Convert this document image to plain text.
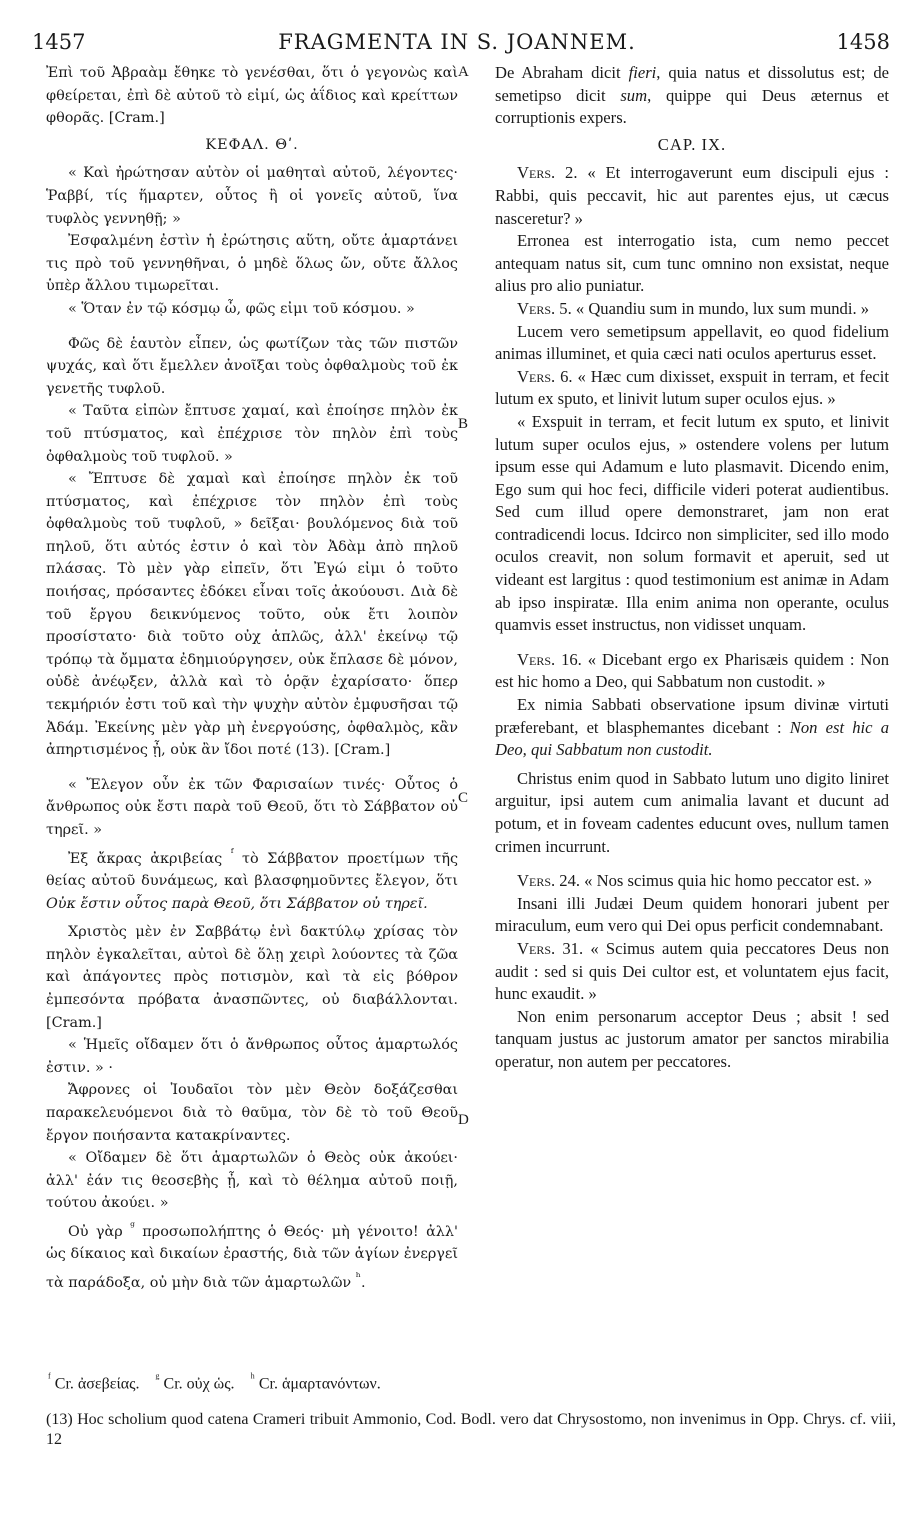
1457	FRAGMENTA IN S. JOANNEM.	1458

Ἐπὶ τοῦ Ἀβραὰμ ἔθηκε τὸ γενέσθαι, ὅτι ὁ γεγονὼς καὶ φθείρεται, ἐπὶ δὲ αὐτοῦ τὸ εἰμί, ὡς ἀΐδιος καὶ κρείττων φθορᾶς. [Cram.]

ΚΕΦΑΛ. Θʹ.

« Καὶ ἠρώτησαν αὐτὸν οἱ μαθηταὶ αὐτοῦ, λέγοντες· Ῥαββί, τίς ἥμαρτεν, οὗτος ἢ οἱ γονεῖς αὐτοῦ, ἵνα τυφλὸς γεννηθῇ; »

Ἐσφαλμένη ἐστὶν ἡ ἐρώτησις αὕτη, οὔτε ἁμαρτάνει τις πρὸ τοῦ γεννηθῆναι, ὁ μηδὲ ὅλως ὤν, οὔτε ἄλλος ὑπὲρ ἄλλου τιμωρεῖται.

« Ὅταν ἐν τῷ κόσμῳ ὦ, φῶς εἰμι τοῦ κόσμου. »

Φῶς δὲ ἑαυτὸν εἶπεν, ὡς φωτίζων τὰς τῶν πιστῶν ψυχάς, καὶ ὅτι ἔμελλεν ἀνοῖξαι τοὺς ὀφθαλμοὺς τοῦ ἐκ γενετῆς τυφλοῦ.

« Ταῦτα εἰπὼν ἔπτυσε χαμαί, καὶ ἐποίησε πηλὸν ἐκ τοῦ πτύσματος, καὶ ἐπέχρισε τὸν πηλὸν ἐπὶ τοὺς ὀφθαλμοὺς τοῦ τυφλοῦ. »

« Ἔπτυσε δὲ χαμαὶ καὶ ἐποίησε πηλὸν ἐκ τοῦ πτύσματος, καὶ ἐπέχρισε τὸν πηλὸν ἐπὶ τοὺς ὀφθαλμοὺς τοῦ τυφλοῦ, » δεῖξαι· βουλόμενος διὰ τοῦ πηλοῦ, ὅτι αὐτός ἐστιν ὁ καὶ τὸν Ἀδὰμ ἀπὸ πηλοῦ πλάσας. Τὸ μὲν γὰρ εἰπεῖν, ὅτι Ἐγώ εἰμι ὁ τοῦτο ποιήσας, πρόσαντες ἐδόκει εἶναι τοῖς ἀκούουσι. Διὰ δὲ τοῦ ἔργου δεικνύμενος τοῦτο, οὐκ ἔτι λοιπὸν προσίστατο· διὰ τοῦτο οὐχ ἁπλῶς, ἀλλ' ἐκείνῳ τῷ τρόπῳ τὰ ὄμματα ἐδημιούργησεν, οὐκ ἔπλασε δὲ μόνον, οὐδὲ ἀνέῳξεν, ἀλλὰ καὶ τὸ ὁρᾷν ἐχαρίσατο· ὅπερ τεκμήριόν ἐστι τοῦ καὶ τὴν ψυχὴν αὐτὸν ἐμφυσῆσαι τῷ Ἀδάμ. Ἐκείνης μὲν γὰρ μὴ ἐνεργούσης, ὀφθαλμὸς, κἂν ἀπηρτισμένος ᾖ, οὐκ ἂν ἴδοι ποτέ (13). [Cram.]

« Ἔλεγον οὖν ἐκ τῶν Φαρισαίων τινές· Οὗτος ὁ ἄνθρωπος οὐκ ἔστι παρὰ τοῦ Θεοῦ, ὅτι τὸ Σάββατον οὐ τηρεῖ. »

Ἐξ ἄκρας ἀκριβείας $^ᶠ$ τὸ Σάββατον προετίμων τῆς θείας αὐτοῦ δυνάμεως, καὶ βλασφημοῦντες ἔλεγον, ὅτι Οὐκ ἔστιν οὗτος παρὰ Θεοῦ, ὅτι Σάββατον οὐ τηρεῖ.

Χριστὸς μὲν ἐν Σαββάτῳ ἑνὶ δακτύλῳ χρίσας τὸν πηλὸν ἐγκαλεῖται, αὐτοὶ δὲ ὅλῃ χειρὶ λούοντες τὰ ζῶα καὶ ἀπάγοντες πρὸς ποτισμὸν, καὶ τὰ εἰς βόθρον ἐμπεσόντα πρόβατα ἀνασπῶντες, οὐ διαβάλλονται. [Cram.]

« Ἡμεῖς οἴδαμεν ὅτι ὁ ἄνθρωπος οὗτος ἁμαρτωλός ἐστιν. » ·

Ἄφρονες οἱ Ἰουδαῖοι τὸν μὲν Θεὸν δοξάζεσθαι παρακελευόμενοι διὰ τὸ θαῦμα, τὸν δὲ τὸ τοῦ Θεοῦ ἔργον ποιήσαντα κατακρίναντες.

« Οἴδαμεν δὲ ὅτι ἁμαρτωλῶν ὁ Θεὸς οὐκ ἀκούει· ἀλλ' ἐάν τις θεοσεβὴς ᾖ, καὶ τὸ θέλημα αὐτοῦ ποιῇ, τούτου ἀκούει. »

Οὐ γὰρ $^ᵍ$ προσωπολήπτης ὁ Θεός· μὴ γένοιτο! ἀλλ' ὡς δίκαιος καὶ δικαίων ἐραστής, διὰ τῶν ἁγίων ἐνεργεῖ τὰ παράδοξα, οὐ μὴν διὰ τῶν ἁμαρτωλῶν $^ʰ$.

A
B
C
D

De Abraham dicit fieri, quia natus et dissolutus est; de semetipso dicit sum, quippe qui Deus æternus et corruptionis expers.

CAP. IX.

Vers. 2. « Et interrogaverunt eum discipuli ejus : Rabbi, quis peccavit, hic aut parentes ejus, ut cæcus nasceretur? »

Erronea est interrogatio ista, cum nemo peccet antequam natus sit, cum tunc omnino non exsistat, neque alius pro alio puniatur.

Vers. 5. « Quandiu sum in mundo, lux sum mundi. »

Lucem vero semetipsum appellavit, eo quod fidelium animas illuminet, et quia cæci nati oculos aperturus esset.

Vers. 6. « Hæc cum dixisset, exspuit in terram, et fecit lutum ex sputo, et linivit lutum super oculos ejus. »

« Exspuit in terram, et fecit lutum ex sputo, et linivit lutum super oculos ejus, » ostendere volens per lutum ipsum esse qui Adamum e luto plasmavit. Dicendo enim, Ego sum qui hoc feci, difficile videri poterat audientibus. Sed cum illud opere demonstraret, jam non erat contradicendi locus. Idcirco non simpliciter, sed illo modo oculos creavit, non solum formavit et aperuit, sed ut videant est largitus : quod testimonium est animæ in Adam ab ipso inspiratæ. Illa enim anima non operante, oculus quamvis esset instructus, non vidisset unquam.

Vers. 16. « Dicebant ergo ex Pharisæis quidem : Non est hic homo a Deo, qui Sabbatum non custodit. »

Ex nimia Sabbati observatione ipsum divinæ virtuti præferebant, et blasphemantes dicebant : Non est hic a Deo, qui Sabbatum non custodit.

Christus enim quod in Sabbato lutum uno digito liniret arguitur, ipsi autem cum animalia lavant et ducunt ad potum, et in foveam cadentes educunt oves, nullum tamen crimen incurrunt.

Vers. 24. « Nos scimus quia hic homo peccator est. »

Insani illi Judæi Deum quidem honorari jubent per miraculum, eum vero qui Dei opus perficit condemnabant.

Vers. 31. « Scimus autem quia peccatores Deus non audit : sed si quis Dei cultor est, et voluntatem ejus facit, hunc exaudit. »

Non enim personarum acceptor Deus ; absit ! sed tanquam justus ac justorum amator per sanctos mirabilia operatur, non autem per peccatores.

$^ᶠ$ Cr. ἀσεβείας. $^ᵍ$ Cr. οὐχ ὡς. $^ʰ$ Cr. ἁμαρτανόντων.
(13) Hoc scholium quod catena Crameri tribuit Ammonio, Cod. Bodl. vero dat Chrysostomo, non invenimus in Opp. Chrys. cf. viii, 12
